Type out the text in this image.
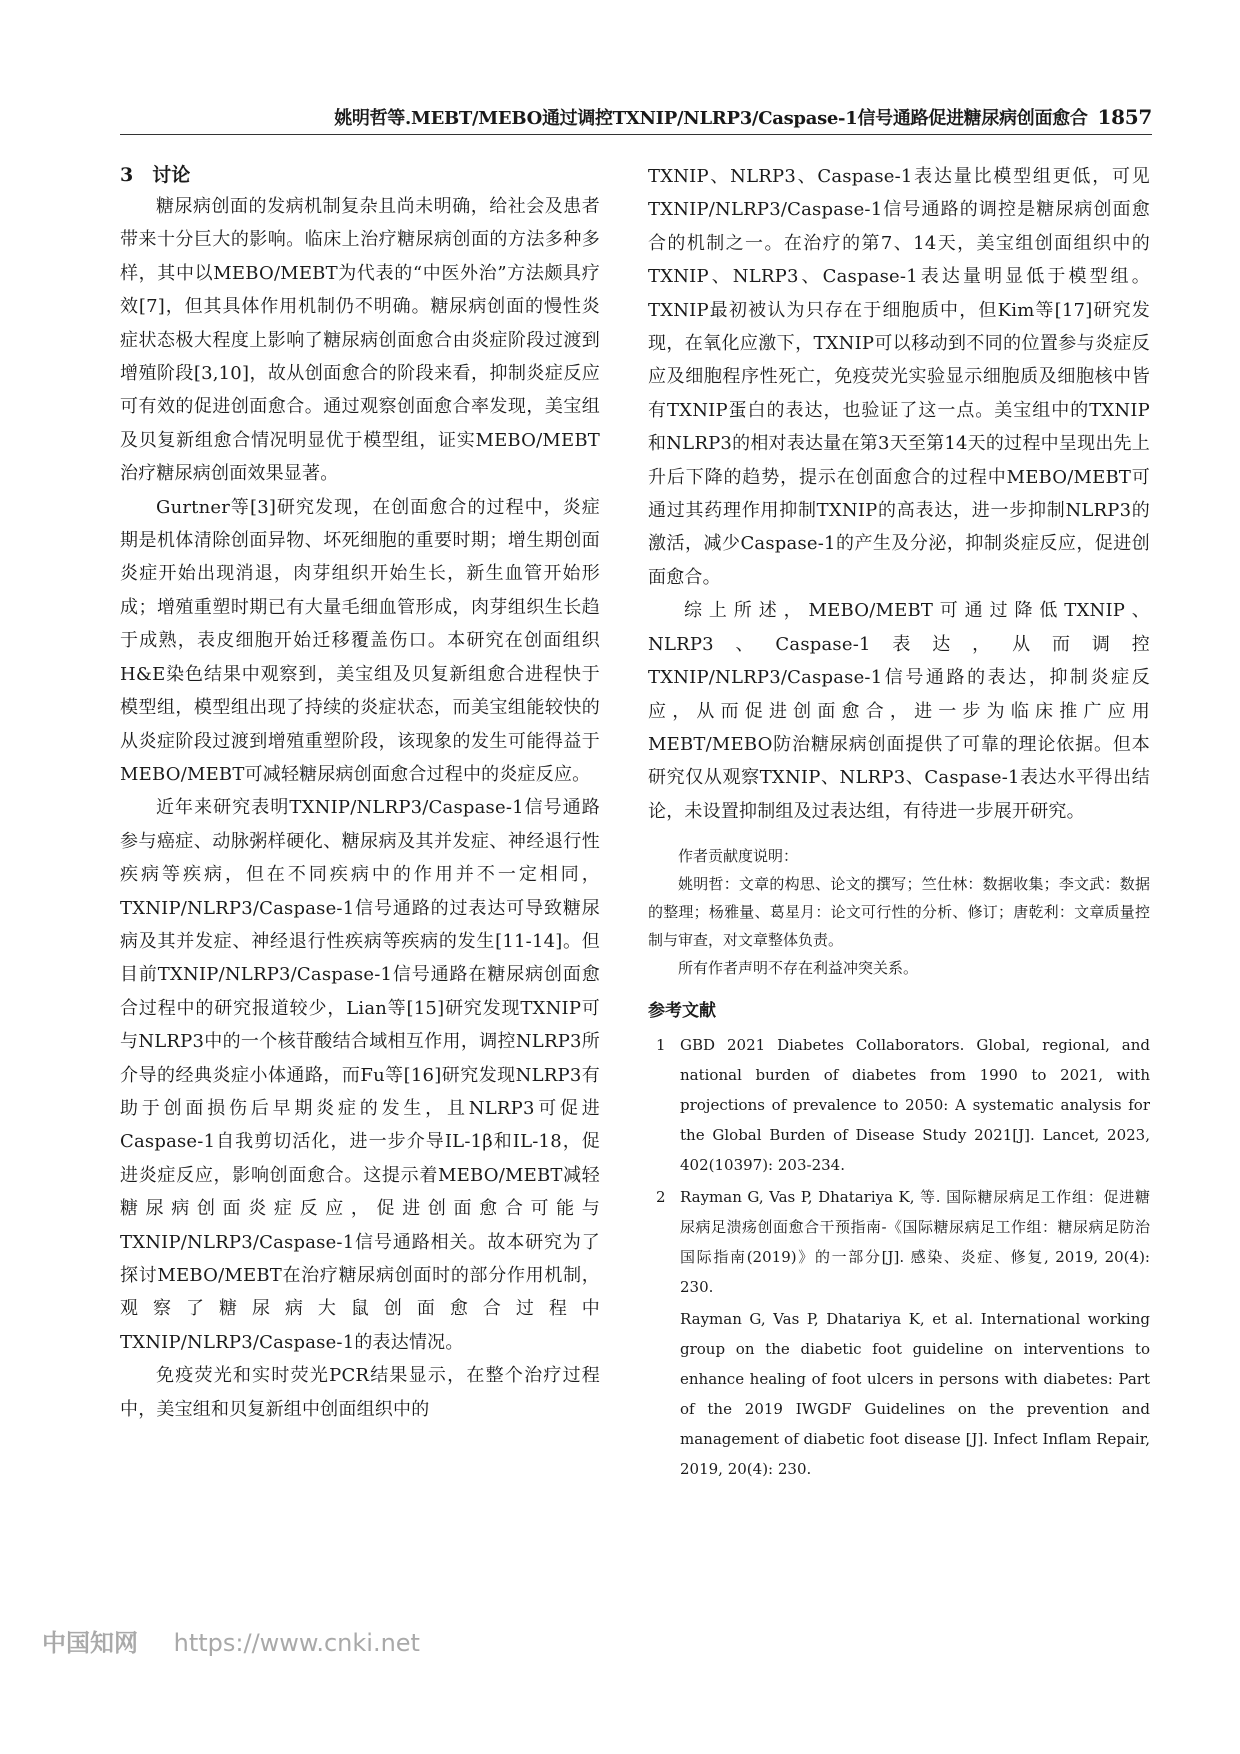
姚明哲等.MEBT/MEBO通过调控TXNIP/NLRP3/Caspase-1信号通路促进糖尿病创面愈合 1857
3　讨论

糖尿病创面的发病机制复杂且尚未明确，给社会及患者带来十分巨大的影响。临床上治疗糖尿病创面的方法多种多样，其中以MEBO/MEBT为代表的“中医外治”方法颇具疗效[7]，但其具体作用机制仍不明确。糖尿病创面的慢性炎症状态极大程度上影响了糖尿病创面愈合由炎症阶段过渡到增殖阶段[3,10]，故从创面愈合的阶段来看，抑制炎症反应可有效的促进创面愈合。通过观察创面愈合率发现，美宝组及贝复新组愈合情况明显优于模型组，证实MEBO/MEBT治疗糖尿病创面效果显著。

Gurtner等[3]研究发现，在创面愈合的过程中，炎症期是机体清除创面异物、坏死细胞的重要时期；增生期创面炎症开始出现消退，肉芽组织开始生长，新生血管开始形成；增殖重塑时期已有大量毛细血管形成，肉芽组织生长趋于成熟，表皮细胞开始迁移覆盖伤口。本研究在创面组织H&E染色结果中观察到，美宝组及贝复新组愈合进程快于模型组，模型组出现了持续的炎症状态，而美宝组能较快的从炎症阶段过渡到增殖重塑阶段，该现象的发生可能得益于MEBO/MEBT可减轻糖尿病创面愈合过程中的炎症反应。

近年来研究表明TXNIP/NLRP3/Caspase-1信号通路参与癌症、动脉粥样硬化、糖尿病及其并发症、神经退行性疾病等疾病，但在不同疾病中的作用并不一定相同，TXNIP/NLRP3/Caspase-1信号通路的过表达可导致糖尿病及其并发症、神经退行性疾病等疾病的发生[11-14]。但目前TXNIP/NLRP3/Caspase-1信号通路在糖尿病创面愈合过程中的研究报道较少，Lian等[15]研究发现TXNIP可与NLRP3中的一个核苷酸结合域相互作用，调控NLRP3所介导的经典炎症小体通路，而Fu等[16]研究发现NLRP3有助于创面损伤后早期炎症的发生，且NLRP3可促进Caspase-1自我剪切活化，进一步介导IL-1β和IL-18，促进炎症反应，影响创面愈合。这提示着MEBO/MEBT减轻糖尿病创面炎症反应，促进创面愈合可能与TXNIP/NLRP3/Caspase-1信号通路相关。故本研究为了探讨MEBO/MEBT在治疗糖尿病创面时的部分作用机制，观察了糖尿病大鼠创面愈合过程中TXNIP/NLRP3/Caspase-1的表达情况。

免疫荧光和实时荧光PCR结果显示，在整个治疗过程中，美宝组和贝复新组中创面组织中的

TXNIP、NLRP3、Caspase-1表达量比模型组更低，可见TXNIP/NLRP3/Caspase-1信号通路的调控是糖尿病创面愈合的机制之一。在治疗的第7、14天，美宝组创面组织中的TXNIP、NLRP3、Caspase-1表达量明显低于模型组。TXNIP最初被认为只存在于细胞质中，但Kim等[17]研究发现，在氧化应激下，TXNIP可以移动到不同的位置参与炎症反应及细胞程序性死亡，免疫荧光实验显示细胞质及细胞核中皆有TXNIP蛋白的表达，也验证了这一点。美宝组中的TXNIP和NLRP3的相对表达量在第3天至第14天的过程中呈现出先上升后下降的趋势，提示在创面愈合的过程中MEBO/MEBT可通过其药理作用抑制TXNIP的高表达，进一步抑制NLRP3的激活，减少Caspase-1的产生及分泌，抑制炎症反应，促进创面愈合。

综上所述，MEBO/MEBT可通过降低TXNIP、NLRP3、Caspase-1表达，从而调控TXNIP/NLRP3/Caspase-1信号通路的表达，抑制炎症反应，从而促进创面愈合，进一步为临床推广应用MEBT/MEBO防治糖尿病创面提供了可靠的理论依据。但本研究仅从观察TXNIP、NLRP3、Caspase-1表达水平得出结论，未设置抑制组及过表达组，有待进一步展开研究。

作者贡献度说明：

姚明哲：文章的构思、论文的撰写；竺仕林：数据收集；李文武：数据的整理；杨雅量、葛星月：论文可行性的分析、修订；唐乾利：文章质量控制与审查，对文章整体负责。

所有作者声明不存在利益冲突关系。

参考文献
1 GBD 2021 Diabetes Collaborators. Global, regional, and national burden of diabetes from 1990 to 2021, with projections of prevalence to 2050: A systematic analysis for the Global Burden of Disease Study 2021[J]. Lancet, 2023, 402(10397): 203-234.
2 Rayman G, Vas P, Dhatariya K, 等. 国际糖尿病足工作组：促进糖尿病足溃疡创面愈合干预指南-《国际糖尿病足工作组：糖尿病足防治国际指南(2019)》的一部分[J]. 感染、炎症、修复, 2019, 20(4): 230.

Rayman G, Vas P, Dhatariya K, et al. International working group on the diabetic foot guideline on interventions to enhance healing of foot ulcers in persons with diabetes: Part of the 2019 IWGDF Guidelines on the prevention and management of diabetic foot disease [J]. Infect Inflam Repair, 2019, 20(4): 230.

中国知网 https://www.cnki.net
